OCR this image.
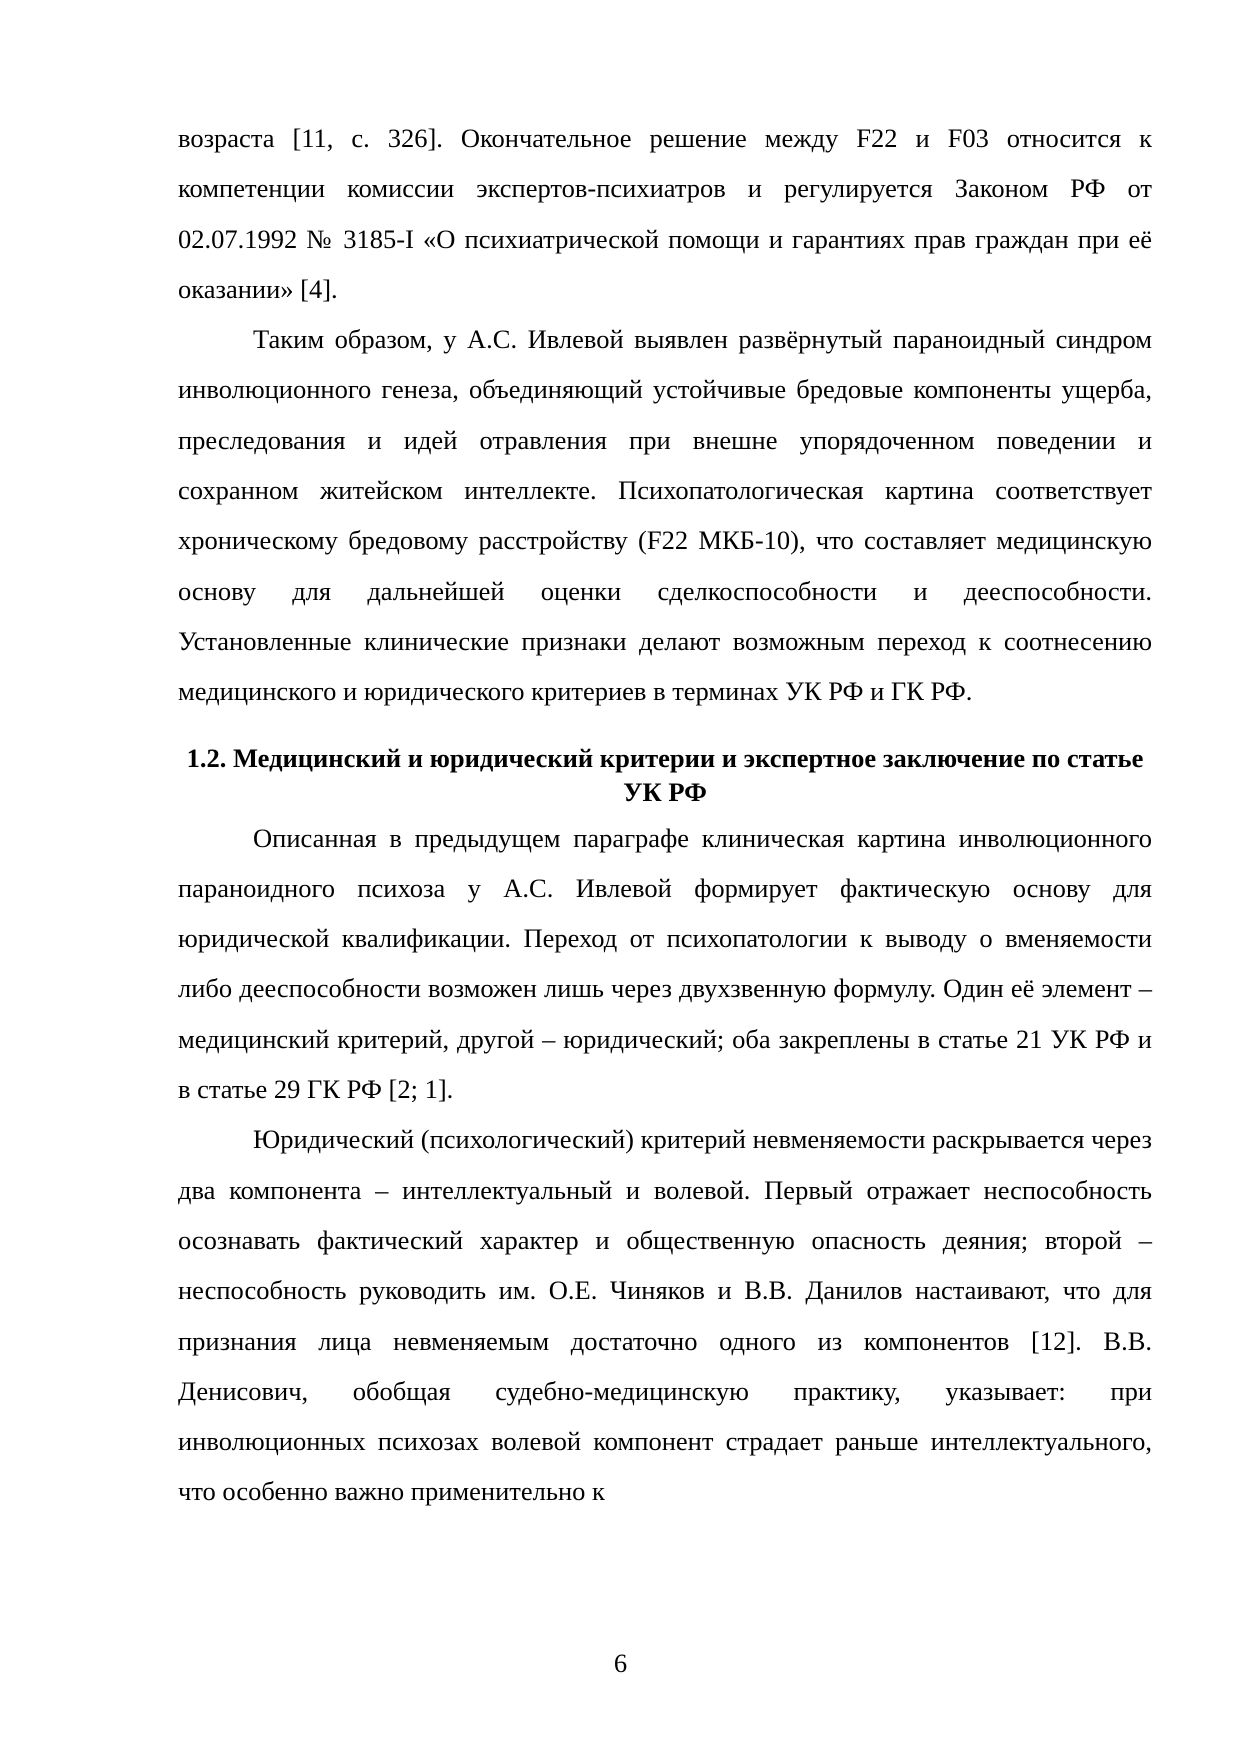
возраста [11, с. 326]. Окончательное решение между F22 и F03 относится к компетенции комиссии экспертов-психиатров и регулируется Законом РФ от 02.07.1992 № 3185-I «О психиатрической помощи и гарантиях прав граждан при её оказании» [4].

Таким образом, у А.С. Ивлевой выявлен развёрнутый параноидный синдром инволюционного генеза, объединяющий устойчивые бредовые компоненты ущерба, преследования и идей отравления при внешне упорядоченном поведении и сохранном житейском интеллекте. Психопатологическая картина соответствует хроническому бредовому расстройству (F22 МКБ-10), что составляет медицинскую основу для дальнейшей оценки сделкоспособности и дееспособности. Установленные клинические признаки делают возможным переход к соотнесению медицинского и юридического критериев в терминах УК РФ и ГК РФ.

1.2. Медицинский и юридический критерии и экспертное заключение по статье УК РФ

Описанная в предыдущем параграфе клиническая картина инволюционного параноидного психоза у А.С. Ивлевой формирует фактическую основу для юридической квалификации. Переход от психопатологии к выводу о вменяемости либо дееспособности возможен лишь через двухзвенную формулу. Один её элемент – медицинский критерий, другой – юридический; оба закреплены в статье 21 УК РФ и в статье 29 ГК РФ [2; 1].

Юридический (психологический) критерий невменяемости раскрывается через два компонента – интеллектуальный и волевой. Первый отражает неспособность осознавать фактический характер и общественную опасность деяния; второй – неспособность руководить им. О.Е. Чиняков и В.В. Данилов настаивают, что для признания лица невменяемым достаточно одного из компонентов [12]. В.В. Денисович, обобщая судебно-медицинскую практику, указывает: при инволюционных психозах волевой компонент страдает раньше интеллектуального, что особенно важно применительно к

6
